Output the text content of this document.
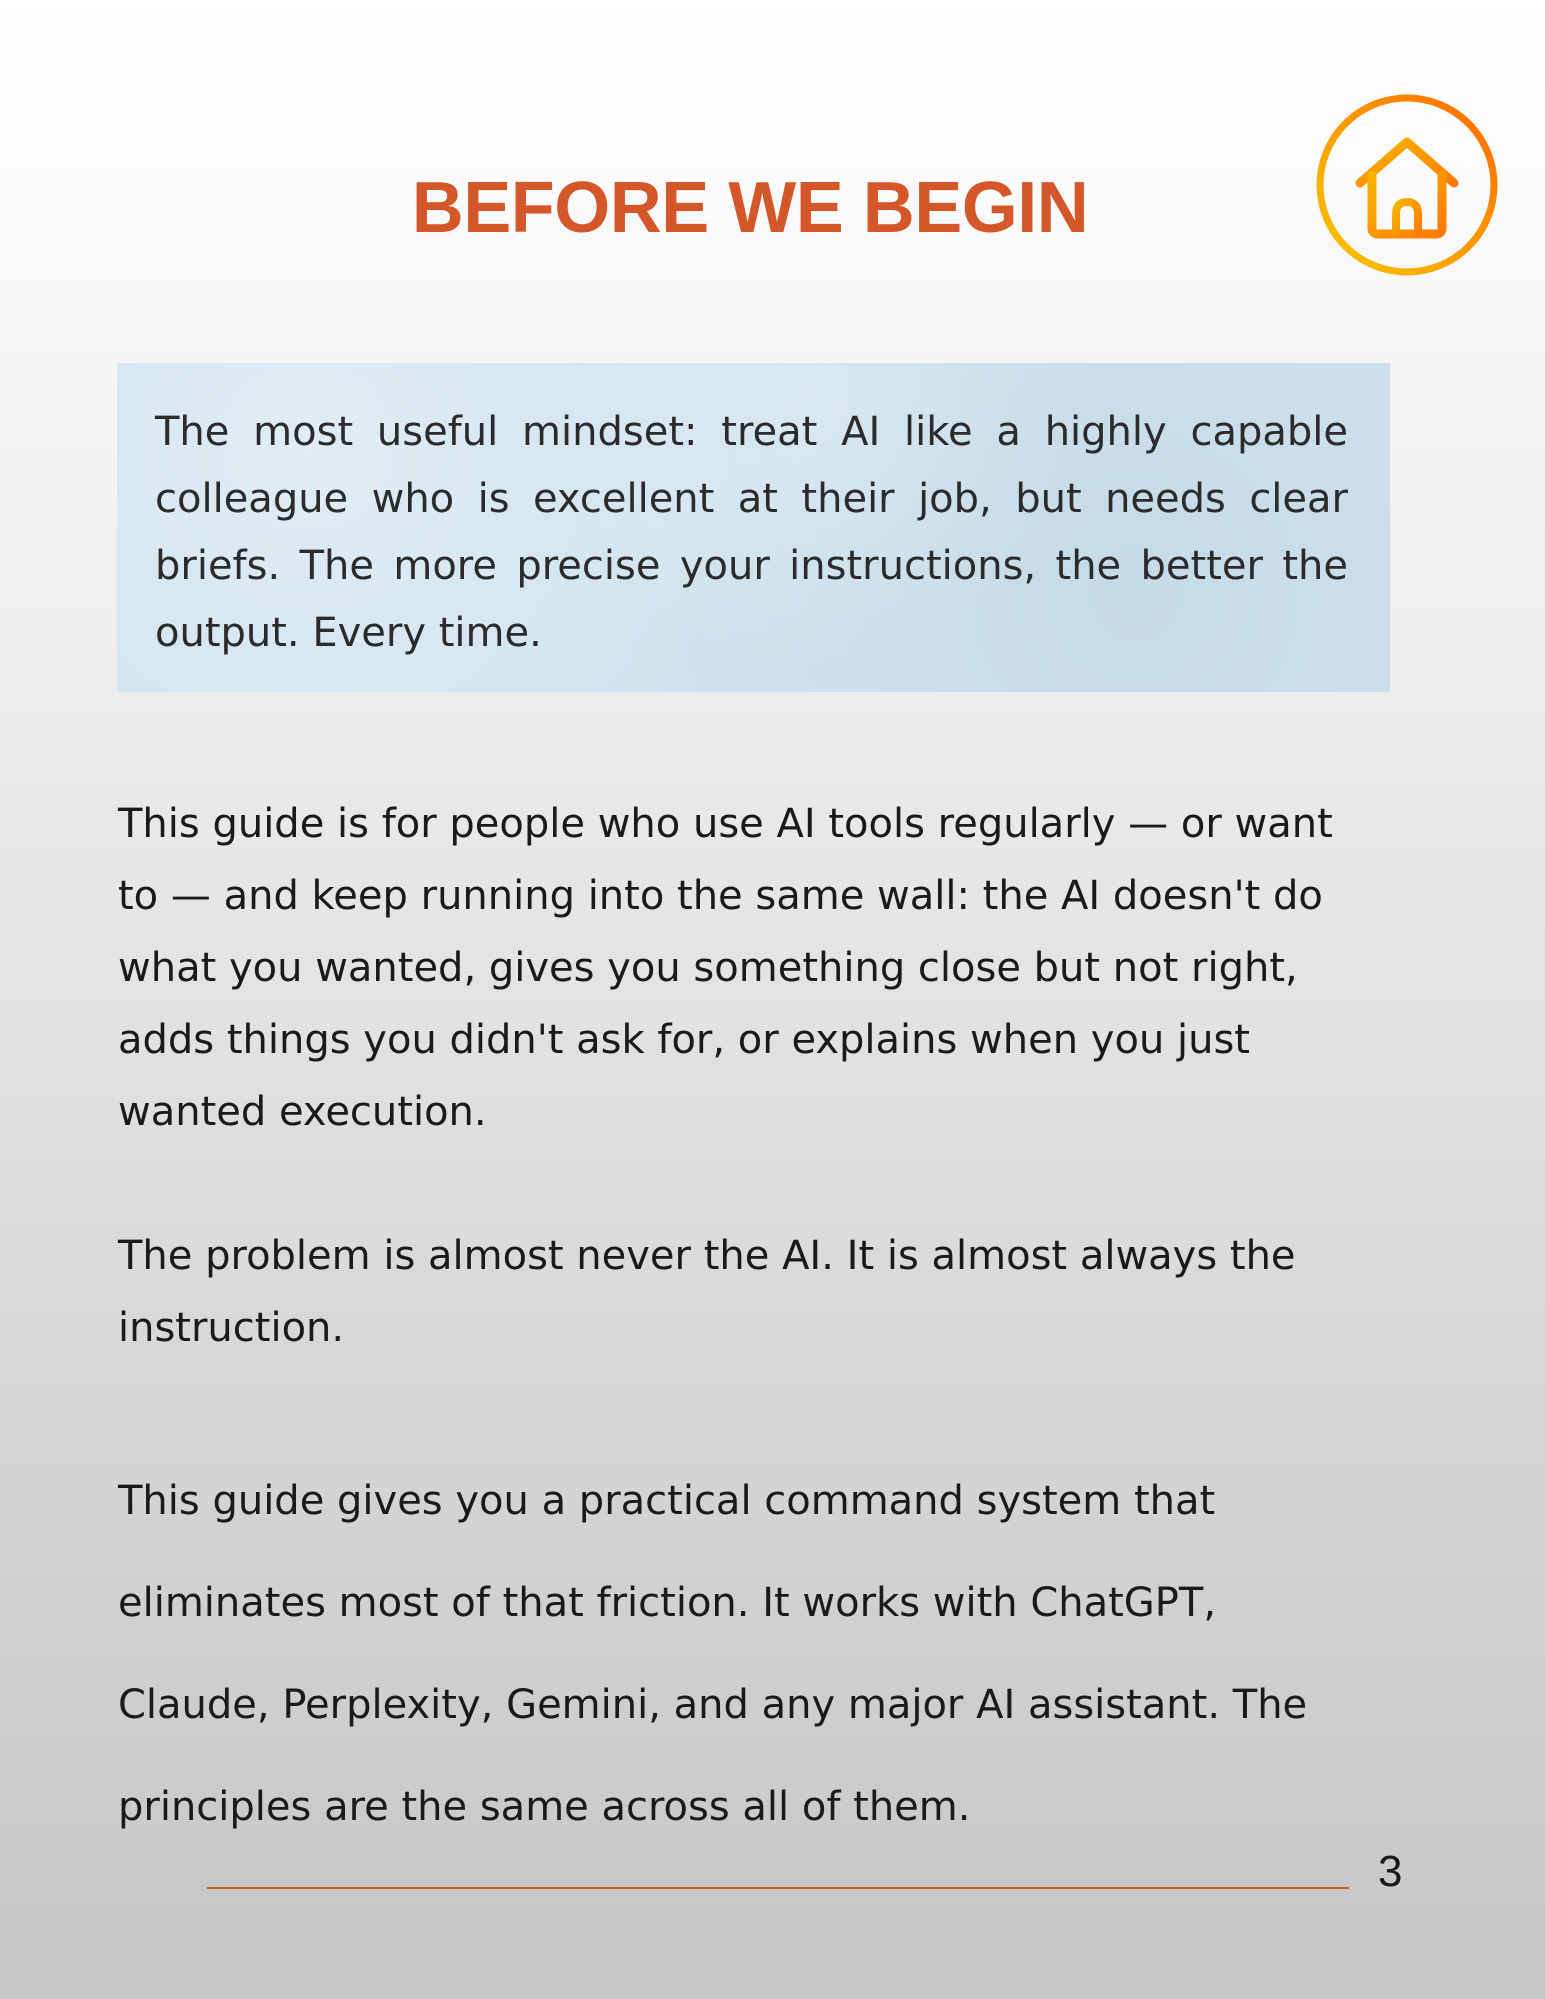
BEFORE WE BEGIN

The most useful mindset: treat AI like a highly capable colleague who is excellent at their job, but needs clear briefs. The more precise your instructions, the better the output. Every time.

This guide is for people who use AI tools regularly — or want to — and keep running into the same wall: the AI doesn't do what you wanted, gives you something close but not right, adds things you didn't ask for, or explains when you just wanted execution.

The problem is almost never the AI. It is almost always the instruction.

This guide gives you a practical command system that eliminates most of that friction. It works with ChatGPT, Claude, Perplexity, Gemini, and any major AI assistant. The principles are the same across all of them.

3
